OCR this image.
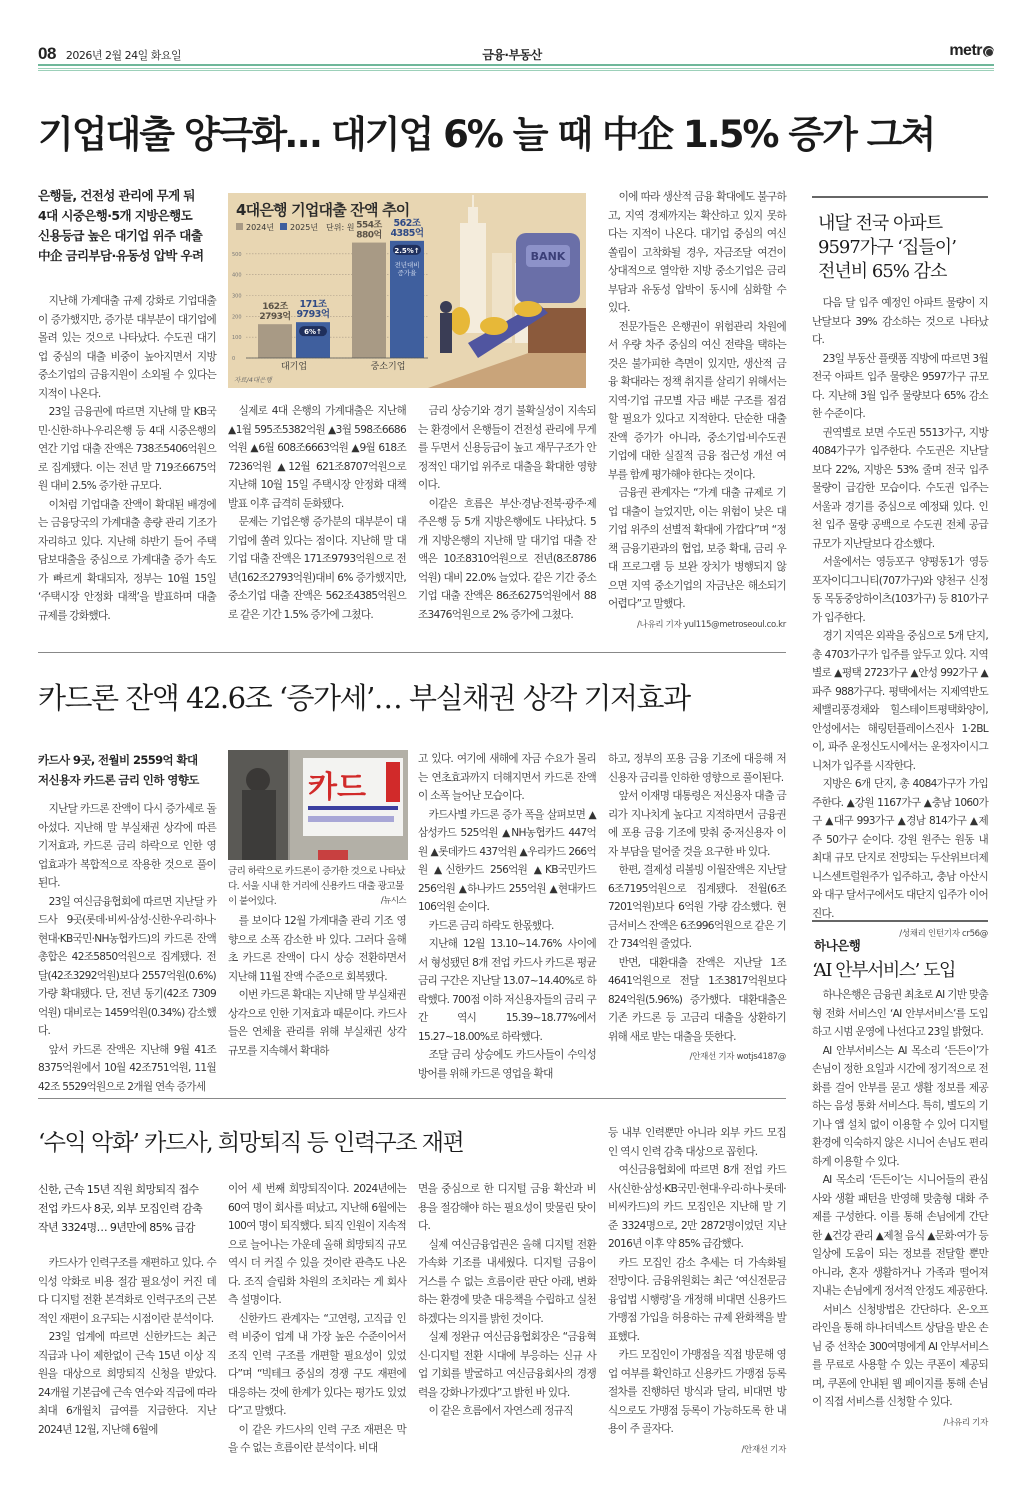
08 2026년 2월 24일 화요일	금융·부동산	metr
기업대출 양극화… 대기업 6% 늘 때 中企 1.5% 증가 그쳐
은행들, 건전성 관리에 무게 둬
4대 시중은행·5개 지방은행도
신용등급 높은 대기업 위주 대출
中企 금리부담·유동성 압박 우려

지난해 가계대출 규제 강화로 기업대출이 증가했지만, 증가분 대부분이 대기업에 몰려 있는 것으로 나타났다. 수도권 대기업 중심의 대출 비중이 높아지면서 지방 중소기업의 금융지원이 소외될 수 있다는 지적이 나온다.

23일 금융권에 따르면 지난해 말 KB국민·신한·하나·우리은행 등 4대 시중은행의 연간 기업 대출 잔액은 738조5406억원으로 집계됐다. 이는 전년 말 719조6675억원 대비 2.5% 증가한 규모다.

이처럼 기업대출 잔액이 확대된 배경에는 금융당국의 가계대출 총량 관리 기조가 자리하고 있다. 지난해 하반기 들어 주택담보대출을 중심으로 가계대출 증가 속도가 빠르게 확대되자, 정부는 10월 15일 ‘주택시장 안정화 대책’을 발표하며 대출 규제를 강화했다.

BANK
4대은행 기업대출 잔액 추이
2024년 2025년 단위: 원
0
100
200
300
400
500
162조
2793억
171조
9793억
대기업
554조
880억
562조
4385억
중소기업
6%↑
2.5%↑
전년대비
증가율
자료/4대은행

실제로 4대 은행의 가계대출은 지난해 ▲1월 595조5382억원 ▲3월 598조6686억원 ▲6월 608조6663억원 ▲9월 618조7236억원 ▲12월 621조8707억원으로 지난해 10월 15일 주택시장 안정화 대책 발표 이후 급격히 둔화됐다.

문제는 기업은행 증가분의 대부분이 대기업에 쏠려 있다는 점이다. 지난해 말 대기업 대출 잔액은 171조9793억원으로 전년(162조2793억원)대비 6% 증가했지만, 중소기업 대출 잔액은 562조4385억원으로 같은 기간 1.5% 증가에 그쳤다.

금리 상승기와 경기 불확실성이 지속되는 환경에서 은행들이 건전성 관리에 무게를 두면서 신용등급이 높고 재무구조가 안정적인 대기업 위주로 대출을 확대한 영향이다.

이같은 흐름은 부산·경남·전북·광주·제주은행 등 5개 지방은행에도 나타났다. 5개 지방은행의 지난해 말 대기업 대출 잔액은 10조8310억원으로 전년(8조8786억원) 대비 22.0% 늘었다. 같은 기간 중소기업 대출 잔액은 86조6275억원에서 88조3476억원으로 2% 증가에 그쳤다.

이에 따라 생산적 금융 확대에도 불구하고, 지역 경제까지는 확산하고 있지 못하다는 지적이 나온다. 대기업 중심의 여신 쏠림이 고착화될 경우, 자금조달 여건이 상대적으로 열악한 지방 중소기업은 금리 부담과 유동성 압박이 동시에 심화할 수 있다.

전문가들은 은행권이 위험관리 차원에서 우량 차주 중심의 여신 전략을 택하는 것은 불가피한 측면이 있지만, 생산적 금융 확대라는 정책 취지를 살리기 위해서는 지역·기업 규모별 자금 배분 구조를 점검할 필요가 있다고 지적한다. 단순한 대출 잔액 증가가 아니라, 중소기업·비수도권 기업에 대한 실질적 금융 접근성 개선 여부를 함께 평가해야 한다는 것이다.

금융권 관계자는 “가계 대출 규제로 기업 대출이 늘었지만, 이는 위험이 낮은 대기업 위주의 선별적 확대에 가깝다”며 “정책 금융기관과의 협업, 보증 확대, 금리 우대 프로그램 등 보완 장치가 병행되지 않으면 지역 중소기업의 자금난은 해소되기 어렵다”고 말했다.

/나유리 기자 yul115@metroseoul.co.kr
카드론 잔액 42.6조 ‘증가세’… 부실채권 상각 기저효과
카드사 9곳, 전월비 2559억 확대
저신용자 카드론 금리 인하 영향도

지난달 카드론 잔액이 다시 증가세로 돌아섰다. 지난해 말 부실채권 상각에 따른 기저효과, 카드론 금리 하락으로 인한 영업효과가 복합적으로 작용한 것으로 풀이된다.

23일 여신금융협회에 따르면 지난달 카드사 9곳(롯데·비씨·삼성·신한·우리·하나·현대·KB국민·NH농협카드)의 카드론 잔액 총합은 42조5850억원으로 집계됐다. 전달(42조3292억원)보다 2557억원(0.6%) 가량 확대됐다. 단, 전년 동기(42조 7309억원) 대비로는 1459억원(0.34%) 감소했다.

앞서 카드론 잔액은 지난해 9월 41조8375억원에서 10월 42조751억원, 11월 42조 5529억원으로 2개월 연속 증가세

카드
금리 하락으로 카드론이 증가한 것으로 나타났다. 서울 시내 한 거리에 신용카드 대출 광고물이 붙어있다.	/뉴시스

를 보이다 12월 가계대출 관리 기조 영향으로 소폭 감소한 바 있다. 그러다 올해 초 카드론 잔액이 다시 상승 전환하면서 지난해 11월 잔액 수준으로 회복됐다.

이번 카드론 확대는 지난해 말 부실채권 상각으로 인한 기저효과 때문이다. 카드사들은 연체율 관리를 위해 부실채권 상각 규모를 지속해서 확대하

고 있다. 여기에 새해에 자금 수요가 몰리는 연초효과까지 더해지면서 카드론 잔액이 소폭 늘어난 모습이다.

카드사별 카드론 증가 폭을 살펴보면 ▲삼성카드 525억원 ▲NH농협카드 447억원 ▲롯데카드 437억원 ▲우리카드 266억원 ▲신한카드 256억원 ▲KB국민카드 256억원 ▲하나카드 255억원 ▲현대카드 106억원 순이다.

카드론 금리 하락도 한몫했다.

지난해 12월 13.10~14.76% 사이에서 형성됐던 8개 전업 카드사 카드론 평균 금리 구간은 지난달 13.07~14.40%로 하락했다. 700점 이하 저신용자들의 금리 구간 역시 15.39~18.77%에서 15.27~18.00%로 하락했다.

조달 금리 상승에도 카드사들이 수익성 방어를 위해 카드론 영업을 확대

하고, 정부의 포용 금융 기조에 대응해 저신용자 금리를 인하한 영향으로 풀이된다.

앞서 이재명 대통령은 저신용자 대출 금리가 지나치게 높다고 지적하면서 금융권에 포용 금융 기조에 맞춰 중·저신용자 이자 부담을 덜어줄 것을 요구한 바 있다.

한편, 결제성 리볼빙 이월잔액은 지난달 6조7195억원으로 집계됐다. 전월(6조7201억원)보다 6억원 가량 감소했다. 현금서비스 잔액은 6조996억원으로 같은 기간 734억원 줄었다.

반면, 대환대출 잔액은 지난달 1조4641억원으로 전달 1조3817억원보다 824억원(5.96%) 증가했다. 대환대출은 기존 카드론 등 고금리 대출을 상환하기 위해 새로 받는 대출을 뜻한다.

/안재선 기자 wotjs4187@
‘수익 악화’ 카드사, 희망퇴직 등 인력구조 재편
신한, 근속 15년 직원 희망퇴직 접수
전업 카드사 8곳, 외부 모집인력 감축
작년 3324명… 9년만에 85% 급감

카드사가 인력구조를 재편하고 있다. 수익성 악화로 비용 절감 필요성이 커진 데다 디지털 전환 본격화로 인력구조의 근본적인 재편이 요구되는 시점이란 분석이다.

23일 업계에 따르면 신한카드는 최근 직급과 나이 제한없이 근속 15년 이상 직원을 대상으로 희망퇴직 신청을 받았다. 24개월 기본급에 근속 연수와 직급에 따라 최대 6개월치 급여를 지급한다. 지난 2024년 12월, 지난해 6월에

이어 세 번째 희망퇴직이다. 2024년에는 60여 명이 회사를 떠났고, 지난해 6월에는 100여 명이 퇴직했다. 퇴직 인원이 지속적으로 늘어나는 가운데 올해 희망퇴직 규모 역시 더 커질 수 있을 것이란 관측도 나온다. 조직 슬림화 차원의 조치라는 게 회사 측 설명이다.

신한카드 관계자는 “고연령, 고직급 인력 비중이 업계 내 가장 높은 수준이어서 조직 인력 구조를 개편할 필요성이 있었다”며 “빅테크 중심의 경쟁 구도 재편에 대응하는 것에 한계가 있다는 평가도 있었다”고 말했다.

이 같은 카드사의 인력 구조 재편은 막을 수 없는 흐름이란 분석이다. 비대

면을 중심으로 한 디지털 금융 확산과 비용을 절감해야 하는 필요성이 맞물린 탓이다.

실제 여신금융업권은 올해 디지털 전환 가속화 기조를 내세웠다. 디지털 금융이 거스를 수 없는 흐름이란 판단 아래, 변화하는 환경에 맞춘 대응책을 수립하고 실천하겠다는 의지를 밝힌 것이다.

실제 정완규 여신금융협회장은 “금융혁신·디지털 전환 시대에 부응하는 신규 사업 기회를 발굴하고 여신금융회사의 경쟁력을 강화나가겠다”고 밝힌 바 있다.

이 같은 흐름에서 자연스레 정규직

등 내부 인력뿐만 아니라 외부 카드 모집인 역시 인력 감축 대상으로 꼽힌다.

여신금융협회에 따르면 8개 전업 카드사(신한·삼성·KB국민·현대·우리·하나·롯데·비씨카드)의 카드 모집인은 지난해 말 기준 3324명으로, 2만 2872명이었던 지난 2016년 이후 약 85% 급감했다.

카드 모집인 감소 추세는 더 가속화될 전망이다. 금융위원회는 최근 ‘여신전문금융업법 시행령’을 개정해 비대면 신용카드 가맹점 가입을 허용하는 규제 완화책을 발표했다.

카드 모집인이 가맹점을 직접 방문해 영업 여부를 확인하고 신용카드 가맹점 등록 절차를 진행하던 방식과 달리, 비대면 방식으로도 가맹점 등록이 가능하도록 한 내용이 주 골자다.

/안재선 기자
내달 전국 아파트
9597가구 ‘집들이’
전년비 65% 감소

다음 달 입주 예정인 아파트 물량이 지난달보다 39% 감소하는 것으로 나타났다.

23일 부동산 플랫폼 직방에 따르면 3월 전국 아파트 입주 물량은 9597가구 규모다. 지난해 3월 입주 물량보다 65% 감소한 수준이다.

권역별로 보면 수도권 5513가구, 지방 4084가구가 입주한다. 수도권은 지난달보다 22%, 지방은 53% 줄며 전국 입주 물량이 급감한 모습이다. 수도권 입주는 서울과 경기를 중심으로 예정돼 있다. 인천 입주 물량 공백으로 수도권 전체 공급 규모가 지난달보다 감소했다.

서울에서는 영등포구 양평동1가 영등포자이디그니티(707가구)와 양천구 신정동 목동중앙하이츠(103가구) 등 810가구가 입주한다.

경기 지역은 외곽을 중심으로 5개 단지, 총 4703가구가 입주를 앞두고 있다. 지역별로 ▲평택 2723가구 ▲안성 992가구 ▲파주 988가구다. 평택에서는 지제역반도체밸리풍경채와 힐스테이트평택화양이, 안성에서는 해링턴플레이스진사 1·2BL이, 파주 운정신도시에서는 운정자이시그니처가 입주를 시작한다.

지방은 6개 단지, 총 4084가구가 가입주한다. ▲강원 1167가구 ▲충남 1060가구 ▲대구 993가구 ▲경남 814가구 ▲제주 50가구 순이다. 강원 원주는 원동 내 최대 규모 단지로 전망되는 두산위브더제니스센트럴원주가 입주하고, 충남 아산시와 대구 달서구에서도 대단지 입주가 이어진다.

/성채리 인턴기자 cr56@
하나은행
‘AI 안부서비스’ 도입

하나은행은 금융권 최초로 AI 기반 맞춤형 전화 서비스인 ‘AI 안부서비스’를 도입하고 시범 운영에 나선다고 23일 밝혔다.

AI 안부서비스는 AI 목소리 ‘든든이’가 손님이 정한 요일과 시간에 정기적으로 전화를 걸어 안부를 묻고 생활 정보를 제공하는 음성 통화 서비스다. 특히, 별도의 기기나 앱 설치 없이 이용할 수 있어 디지털 환경에 익숙하지 않은 시니어 손님도 편리하게 이용할 수 있다.

AI 목소리 ‘든든이’는 시니어들의 관심사와 생활 패턴을 반영해 맞춤형 대화 주제를 구성한다. 이를 통해 손님에게 간단한 ▲건강 관리 ▲제철 음식 ▲문화·여가 등 일상에 도움이 되는 정보를 전달할 뿐만 아니라, 혼자 생활하거나 가족과 떨어져 지내는 손님에게 정서적 안정도 제공한다.

서비스 신청방법은 간단하다. 온·오프라인을 통해 하나더넥스트 상담을 받은 손님 중 선착순 300여명에게 AI 안부서비스를 무료로 사용할 수 있는 쿠폰이 제공되며, 쿠폰에 안내된 웹 페이지를 통해 손님이 직접 서비스를 신청할 수 있다.

/나유리 기자
